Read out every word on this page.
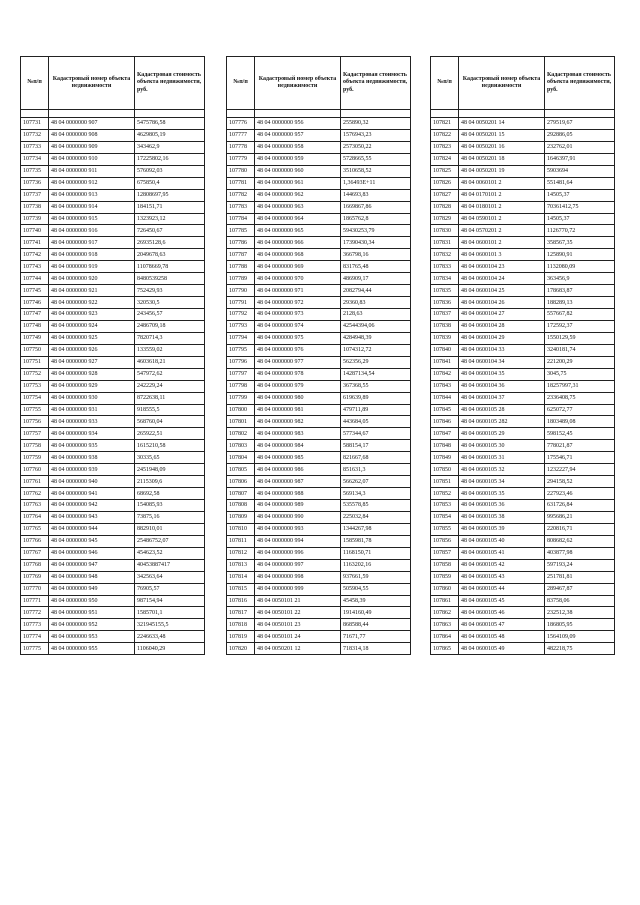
№п/п	Кадастровый номер объекта недвижимости	Кадастровая стоимость объекта недвижимости, руб.

107731	48 04 0000000 907	5475786,58
107732	48 04 0000000 908	4629805,19
107733	48 04 0000000 909	343462,9
107734	48 04 0000000 910	17225802,16
107735	48 04 0000000 911	576092,03
107736	48 04 0000000 912	675850,4
107737	48 04 0000000 913	12808697,95
107738	48 04 0000000 914	184151,71
107739	48 04 0000000 915	1323923,12
107740	48 04 0000000 916	726450,67
107741	48 04 0000000 917	26935128,6
107742	48 04 0000000 918	2049678,63
107743	48 04 0000000 919	11078669,78
107744	48 04 0000000 920	8480539258
107745	48 04 0000000 921	752429,93
107746	48 04 0000000 922	320530,5
107747	48 04 0000000 923	243456,57
107748	48 04 0000000 924	2486709,18
107749	48 04 0000000 925	7820714,3
107750	48 04 0000000 926	133559,02
107751	48 04 0000000 927	4603618,21
107752	48 04 0000000 928	547972,62
107753	48 04 0000000 929	242229,24
107754	48 04 0000000 930	8722638,11
107755	48 04 0000000 931	918555,5
107756	48 04 0000000 933	568760,04
107757	48 04 0000000 934	265922,51
107758	48 04 0000000 935	1615210,58
107759	48 04 0000000 938	30335,65
107760	48 04 0000000 939	2451948,09
107761	48 04 0000000 940	2115309,6
107762	48 04 0000000 941	68692,58
107763	48 04 0000000 942	154085,93
107764	48 04 0000000 943	73875,16
107765	48 04 0000000 944	882910,01
107766	48 04 0000000 945	25486752,07
107767	48 04 0000000 946	454623,52
107768	48 04 0000000 947	40453887417
107769	48 04 0000000 948	342563,64
107770	48 04 0000000 949	76905,57
107771	48 04 0000000 950	987154,94
107772	48 04 0000000 951	1585701,1
107773	48 04 0000000 952	321945155,5
107774	48 04 0000000 953	2246633,48
107775	48 04 0000000 955	1106040,29
№п/п	Кадастровый номер объекта недвижимости	Кадастровая стоимость объекта недвижимости, руб.

107776	48 04 0000000 956	255890,32
107777	48 04 0000000 957	1576943,23
107778	48 04 0000000 958	2573050,22
107779	48 04 0000000 959	5728665,55
107780	48 04 0000000 960	3510658,52
107781	48 04 0000000 961	1,36493E+11
107782	48 04 0000000 962	144693,83
107783	48 04 0000000 963	1669867,86
107784	48 04 0000000 964	1865762,8
107785	48 04 0000000 965	59430253,79
107786	48 04 0000000 966	17390430,34
107787	48 04 0000000 968	366798,16
107788	48 04 0000000 969	831765,48
107789	48 04 0000000 970	486909,17
107790	48 04 0000000 971	2082794,44
107791	48 04 0000000 972	29360,83
107792	48 04 0000000 973	2128,63
107793	48 04 0000000 974	42544394,06
107794	48 04 0000000 975	4284948,39
107795	48 04 0000000 976	1074312,72
107796	48 04 0000000 977	562356,29
107797	48 04 0000000 978	14287134,54
107798	48 04 0000000 979	367368,55
107799	48 04 0000000 980	619639,89
107800	48 04 0000000 981	479711,89
107801	48 04 0000000 982	443684,05
107802	48 04 0000000 983	577344,67
107803	48 04 0000000 984	588154,17
107804	48 04 0000000 985	821667,68
107805	48 04 0000000 986	851631,3
107806	48 04 0000000 987	566262,07
107807	48 04 0000000 988	569134,3
107808	48 04 0000000 989	535578,85
107809	48 04 0000000 990	225032,84
107810	48 04 0000000 993	1344267,98
107811	48 04 0000000 994	1585981,78
107812	48 04 0000000 996	1168150,71
107813	48 04 0000000 997	1163202,16
107814	48 04 0000000 998	937661,59
107815	48 04 0000000 999	505904,55
107816	48 04 0050101 21	45458,39
107817	48 04 0050101 22	1914160,49
107818	48 04 0050101 23	868588,44
107819	48 04 0050101 24	71671,77
107820	48 04 0050201 12	718314,18
№п/п	Кадастровый номер объекта недвижимости	Кадастровая стоимость объекта недвижимости, руб.

107821	48 04 0050201 14	279519,67
107822	48 04 0050201 15	292886,05
107823	48 04 0050201 16	232762,01
107824	48 04 0050201 18	1646397,91
107825	48 04 0050201 19	5903694
107826	48 04 0060101 2	551481,64
107827	48 04 0170101 2	14505,37
107828	48 04 0180101 2	70361412,75
107829	48 04 0590101 2	14505,37
107830	48 04 0570201 2	1126770,72
107831	48 04 0600101 2	358567,35
107832	48 04 0600101 3	125890,91
107833	48 04 0600104 23	1132080,09
107834	48 04 0600104 24	363456,9
107835	48 04 0600104 25	178683,87
107836	48 04 0600104 26	188289,13
107837	48 04 0600104 27	557667,82
107838	48 04 0600104 28	172592,37
107839	48 04 0600104 29	1550129,59
107840	48 04 0600104 33	3240181,74
107841	48 04 0600104 34	221200,29
107842	48 04 0600104 35	3045,75
107843	48 04 0600104 36	18257997,31
107844	48 04 0600104 37	2336408,75
107845	48 04 0600105 28	625072,77
107846	48 04 0600105 282	1803489,08
107847	48 04 0600105 29	598152,45
107848	48 04 0600105 30	778021,87
107849	48 04 0600105 31	175546,71
107850	48 04 0600105 32	1232227,94
107851	48 04 0600105 34	294158,52
107852	48 04 0600105 35	227923,46
107853	48 04 0600105 36	631726,84
107854	48 04 0600105 38	995686,21
107855	48 04 0600105 39	220816,71
107856	48 04 0600105 40	808682,62
107857	48 04 0600105 41	403877,98
107858	48 04 0600105 42	597193,24
107859	48 04 0600105 43	251781,81
107860	48 04 0600105 44	289467,87
107861	48 04 0600105 45	83758,06
107862	48 04 0600105 46	232512,38
107863	48 04 0600105 47	186805,95
107864	48 04 0600105 48	1564109,09
107865	48 04 0600105 49	482218,75
